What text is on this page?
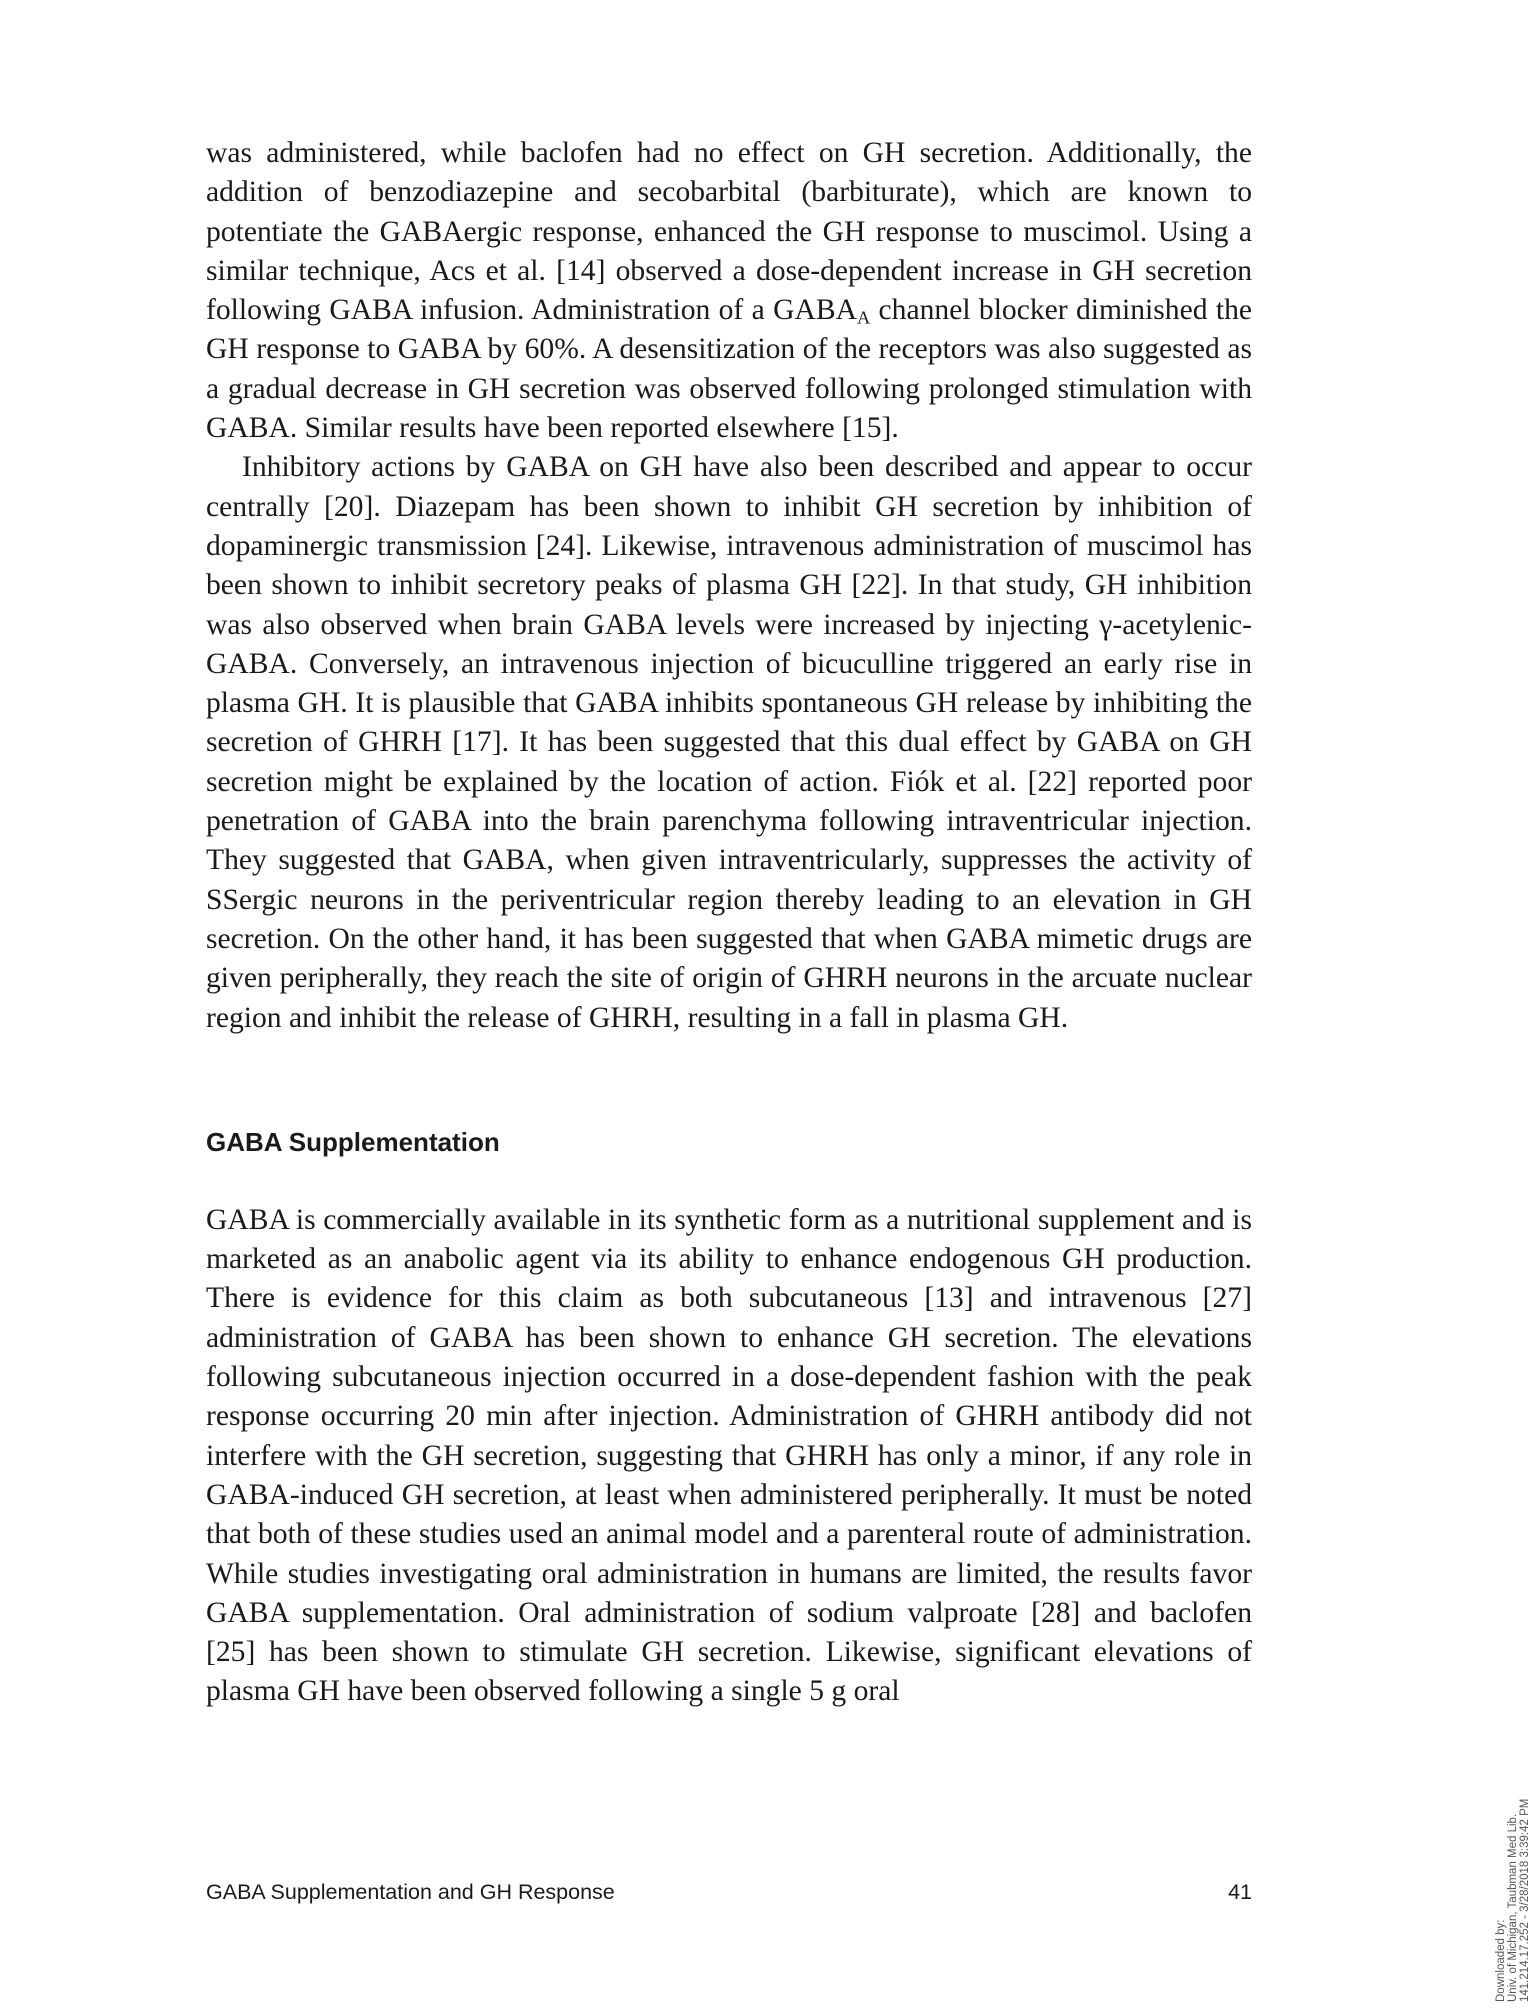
was administered, while baclofen had no effect on GH secretion. Additionally, the addition of benzodiazepine and secobarbital (barbiturate), which are known to potentiate the GABAergic response, enhanced the GH response to muscimol. Using a similar technique, Acs et al. [14] observed a dose-dependent increase in GH secretion following GABA infusion. Administration of a $GABA_A$ channel blocker diminished the GH response to GABA by 60%. A desensitization of the receptors was also suggested as a gradual decrease in GH secretion was observed following prolonged stimulation with GABA. Similar results have been reported elsewhere [15].

Inhibitory actions by GABA on GH have also been described and appear to occur centrally [20]. Diazepam has been shown to inhibit GH secretion by inhibition of dopaminergic transmission [24]. Likewise, intravenous administration of muscimol has been shown to inhibit secretory peaks of plasma GH [22]. In that study, GH inhibition was also observed when brain GABA levels were increased by injecting γ-acetylenic-GABA. Conversely, an intravenous injection of bicuculline triggered an early rise in plasma GH. It is plausible that GABA inhibits spontaneous GH release by inhibiting the secretion of GHRH [17]. It has been suggested that this dual effect by GABA on GH secretion might be explained by the location of action. Fiók et al. [22] reported poor penetration of GABA into the brain parenchyma following intraventricular injection. They suggested that GABA, when given intraventricularly, suppresses the activity of SSergic neurons in the periventricular region thereby leading to an elevation in GH secretion. On the other hand, it has been suggested that when GABA mimetic drugs are given peripherally, they reach the site of origin of GHRH neurons in the arcuate nuclear region and inhibit the release of GHRH, resulting in a fall in plasma GH.

GABA Supplementation

GABA is commercially available in its synthetic form as a nutritional supplement and is marketed as an anabolic agent via its ability to enhance endogenous GH production. There is evidence for this claim as both subcutaneous [13] and intravenous [27] administration of GABA has been shown to enhance GH secretion. The elevations following subcutaneous injection occurred in a dose-dependent fashion with the peak response occurring 20 min after injection. Administration of GHRH antibody did not interfere with the GH secretion, suggesting that GHRH has only a minor, if any role in GABA-induced GH secretion, at least when administered peripherally. It must be noted that both of these studies used an animal model and a parenteral route of administration. While studies investigating oral administration in humans are limited, the results favor GABA supplementation. Oral administration of sodium valproate [28] and baclofen [25] has been shown to stimulate GH secretion. Likewise, significant elevations of plasma GH have been observed following a single 5 g oral

GABA Supplementation and GH Response	41
Downloaded by: Univ. of Michigan, Taubman Med Lib. 141.214.17.252 - 3/28/2018 3:39:42 PM
